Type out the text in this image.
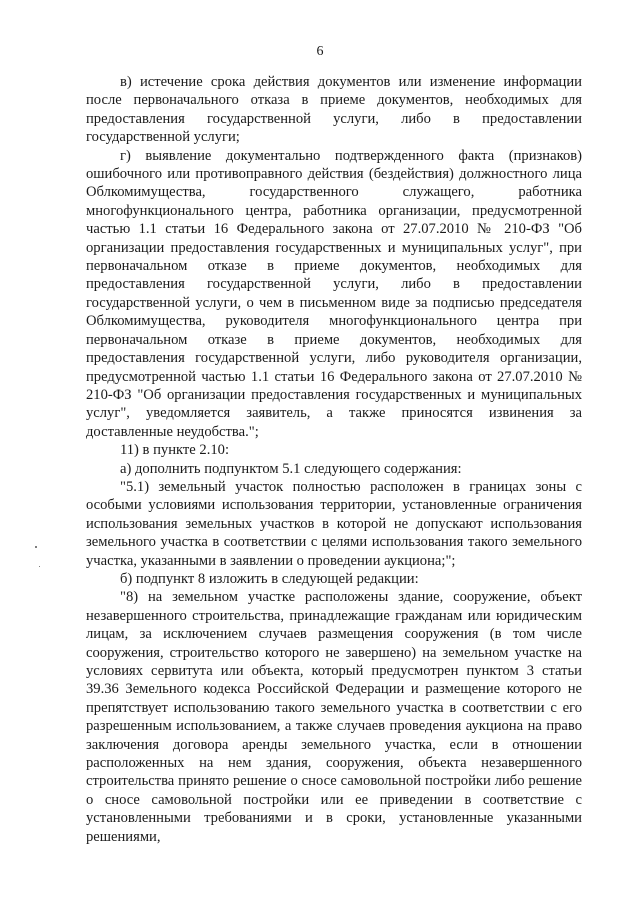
6

в) истечение срока действия документов или изменение информации после первоначального отказа в приеме документов, необходимых для предоставления государственной услуги, либо в предоставлении государственной услуги;

г) выявление документально подтвержденного факта (признаков) ошибочного или противоправного действия (бездействия) должностного лица Облкомимущества, государственного служащего, работника многофункционального центра, работника организации, предусмотренной частью 1.1 статьи 16 Федерального закона от 27.07.2010 № 210-ФЗ "Об организации предоставления государственных и муниципальных услуг", при первоначальном отказе в приеме документов, необходимых для предоставления государственной услуги, либо в предоставлении государственной услуги, о чем в письменном виде за подписью председателя Облкомимущества, руководителя многофункционального центра при первоначальном отказе в приеме документов, необходимых для предоставления государственной услуги, либо руководителя организации, предусмотренной частью 1.1 статьи 16 Федерального закона от 27.07.2010 № 210-ФЗ "Об организации предоставления государственных и муниципальных услуг", уведомляется заявитель, а также приносятся извинения за доставленные неудобства.";

11) в пункте 2.10:

а) дополнить подпунктом 5.1 следующего содержания:

"5.1) земельный участок полностью расположен в границах зоны с особыми условиями использования территории, установленные ограничения использования земельных участков в которой не допускают использования земельного участка в соответствии с целями использования такого земельного участка, указанными в заявлении о проведении аукциона;";

б) подпункт 8 изложить в следующей редакции:

"8) на земельном участке расположены здание, сооружение, объект незавершенного строительства, принадлежащие гражданам или юридическим лицам, за исключением случаев размещения сооружения (в том числе сооружения, строительство которого не завершено) на земельном участке на условиях сервитута или объекта, который предусмотрен пунктом 3 статьи 39.36 Земельного кодекса Российской Федерации и размещение которого не препятствует использованию такого земельного участка в соответствии с его разрешенным использованием, а также случаев проведения аукциона на право заключения договора аренды земельного участка, если в отношении расположенных на нем здания, сооружения, объекта незавершенного строительства принято решение о сносе самовольной постройки либо решение о сносе самовольной постройки или ее приведении в соответствие с установленными требованиями и в сроки, установленные указанными решениями,
